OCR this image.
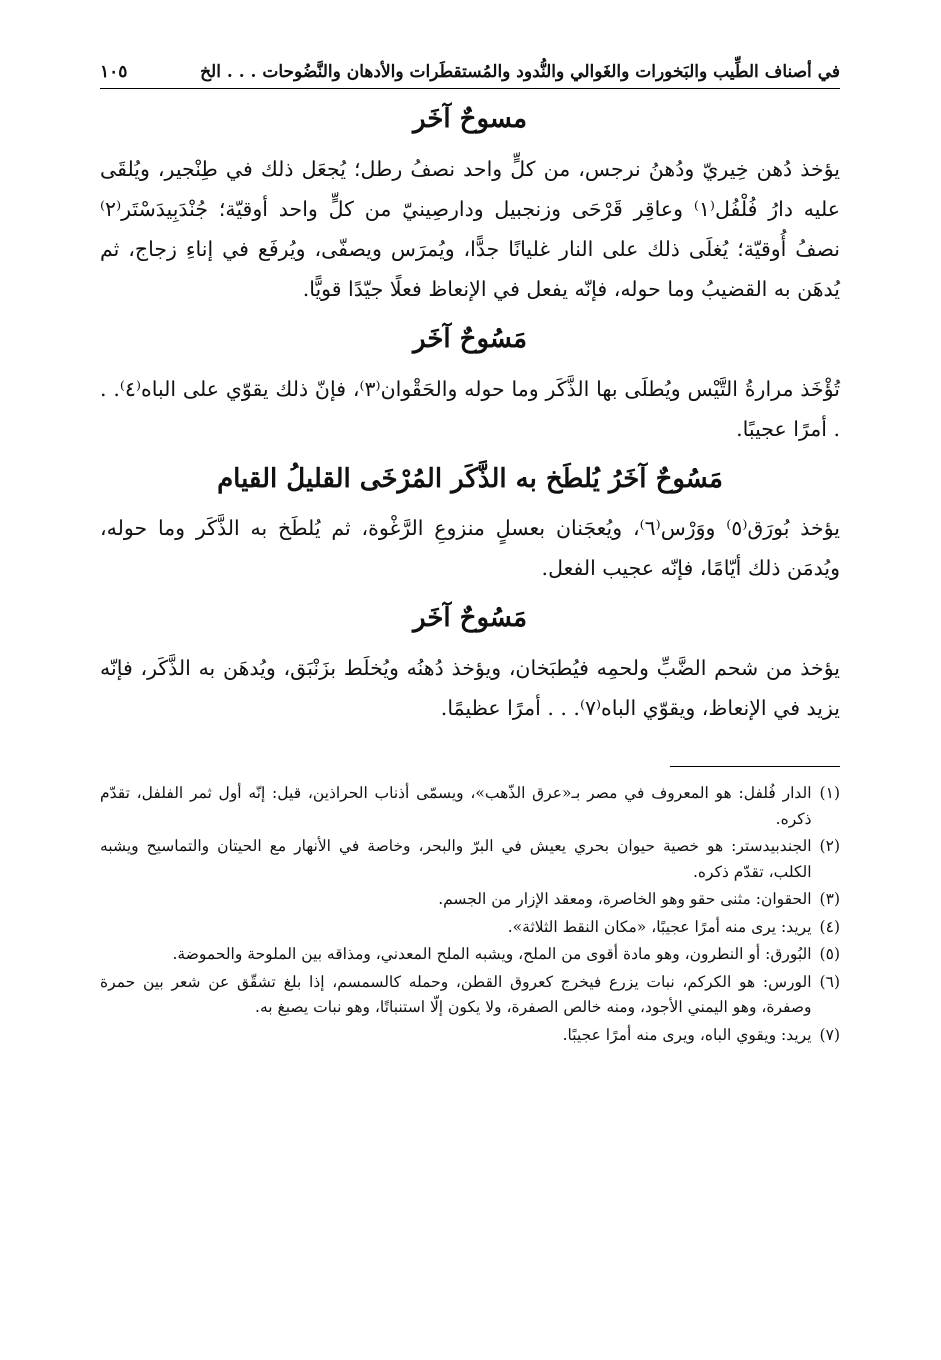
في أصناف الطِّيب والبَخورات والغَوالي والنُّدود والمُستقطَرات والأدهان والنَّضُوحات . . . الخ
١٠٥
مسوحٌ آخَر

يؤخذ دُهن خِيريّ ودُهنُ نرجس، من كلٍّ واحد نصفُ رطل؛ يُجعَل ذلك في طِنْجير، ويُلقَى عليه دارُ فُلْفُل⁽١⁾ وعاقِر قَرْحَى وزنجبيل ودارصِينيّ من كلٍّ واحد أوقيّة؛ جُنْدَبِيدَسْتَر⁽٢⁾ نصفُ أُوقيّة؛ يُغلَى ذلك على النار غليانًا جدًّا، ويُمرَس ويصفّى، ويُرفَع في إناءِ زجاج، ثم يُدهَن به القضيبُ وما حوله، فإنّه يفعل في الإنعاظ فعلًا جيّدًا قويًّا.

مَسُوحٌ آخَر

تُؤْخَذ مرارةُ التَّيْس ويُطلَى بها الذَّكَر وما حوله والحَقْوان⁽٣⁾، فإنّ ذلك يقوّي على الباه⁽٤⁾. . . أمرًا عجيبًا.

مَسُوحٌ آخَرُ يُلطَخ به الذَّكَر المُرْخَى القليلُ القيام

يؤخذ بُورَق⁽٥⁾ ووَرْس⁽٦⁾، ويُعجَنان بعسلٍ منزوعِ الرَّغْوة، ثم يُلطَخ به الذَّكَر وما حوله، ويُدمَن ذلك أيّامًا، فإنّه عجيب الفعل.

مَسُوحٌ آخَر

يؤخذ من شحم الضَّبِّ ولحمِه فيُطبَخان، ويؤخذ دُهنُه ويُخلَط بزَنْبَق، ويُدهَن به الذَّكَر، فإنّه يزيد في الإنعاظ، ويقوّي الباه⁽٧⁾. . . أمرًا عظيمًا.

(١)
الدار فُلفل: هو المعروف في مصر بـ«عرق الذّهب»، ويسمّى أذناب الحراذين، قيل: إنّه أول ثمر الفلفل، تقدّم ذكره.
(٢)
الجندبيدستر: هو خصية حيوان بحري يعيش في البرّ والبحر، وخاصة في الأنهار مع الحيتان والتماسيح ويشبه الكلب، تقدّم ذكره.
(٣)
الحقوان: مثنى حقو وهو الخاصرة، ومعقد الإزار من الجسم.
(٤)
يريد: يرى منه أمرًا عجيبًا، «مكان النقط الثلاثة».
(٥)
البُورق: أو النطرون، وهو مادة أقوى من الملح، ويشبه الملح المعدني، ومذاقه بين الملوحة والحموضة.
(٦)
الورس: هو الكركم، نبات يزرع فيخرج كعروق القطن، وحمله كالسمسم، إذا بلغ تشقّق عن شعر بين حمرة وصفرة، وهو اليمني الأجود، ومنه خالص الصفرة، ولا يكون إلّا استنباتًا، وهو نبات يصبغ به.
(٧)
يريد: ويقوي الباه، ويرى منه أمرًا عجيبًا.
